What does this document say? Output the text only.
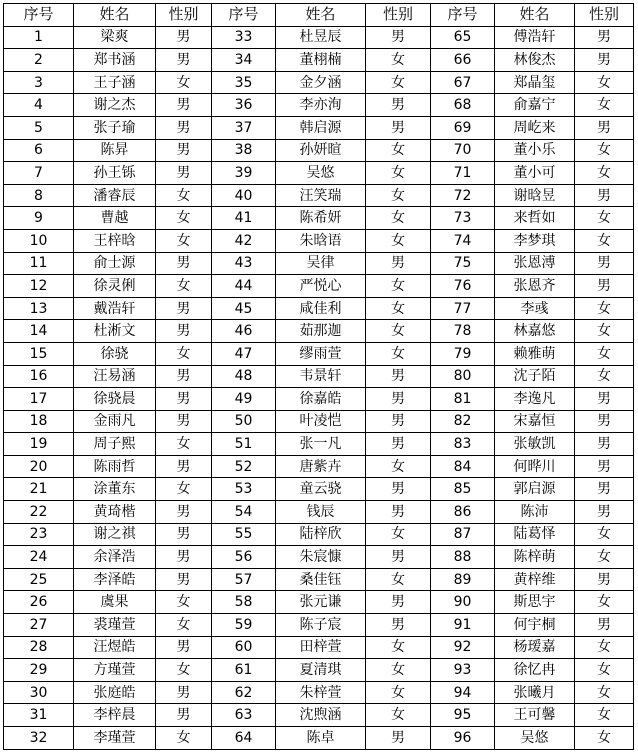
序号	姓名	性别	序号	姓名	性别	序号	姓名	性别
1	梁爽	男	33	杜昱辰	男	65	傅浩轩	男
2	郑书涵	男	34	董栩楠	女	66	林俊杰	男
3	王子涵	女	35	金夕涵	女	67	郑晶玺	女
4	谢之杰	男	36	李亦洵	男	68	俞嘉宁	女
5	张子瑜	男	37	韩启源	男	69	周屹来	男
6	陈昇	男	38	孙妍暄	女	70	董小乐	女
7	孙王铄	男	39	吴悠	女	71	董小可	女
8	潘睿辰	女	40	汪笑瑞	女	72	谢晗昱	男
9	曹越	女	41	陈希妍	女	73	来哲如	女
10	王梓晗	女	42	朱晗语	女	74	李梦琪	女
11	俞士源	男	43	吴律	男	75	张恩溥	男
12	徐灵俐	女	44	严悦心	女	76	张恩齐	男
13	戴浩轩	男	45	咸佳利	女	77	李彧	女
14	杜淅文	男	46	茹那迦	女	78	林嘉悠	女
15	徐骁	女	47	缪雨萱	女	79	赖雅萌	女
16	汪易涵	男	48	韦景轩	男	80	沈子陌	女
17	徐骁晨	男	49	徐嘉皓	男	81	李逸凡	男
18	金雨凡	男	50	叶凌恺	男	82	宋嘉恒	男
19	周子熙	女	51	张一凡	男	83	张敏凯	男
20	陈雨哲	男	52	唐紫卉	女	84	何晔川	男
21	涂董东	女	53	童云骁	男	85	郭启源	男
22	黄琦楷	男	54	钱辰	男	86	陈沛	男
23	谢之祺	男	55	陆梓欣	女	87	陆葛怿	女
24	余泽浩	男	56	朱宸慷	男	88	陈梓萌	女
25	李泽皓	男	57	桑佳钰	女	89	黄梓维	男
26	虞果	女	58	张元谦	男	90	斯思宇	女
27	裘瑾萱	女	59	陈子宸	男	91	何宇桐	男
28	汪煜皓	男	60	田梓萱	女	92	杨瑷嘉	女
29	方瑾萱	女	61	夏清琪	女	93	徐忆冉	女
30	张庭皓	男	62	朱梓萱	女	94	张曦月	女
31	李梓晨	男	63	沈煦涵	女	95	王可馨	女
32	李瑾萱	女	64	陈卓	男	96	吴悠	女
